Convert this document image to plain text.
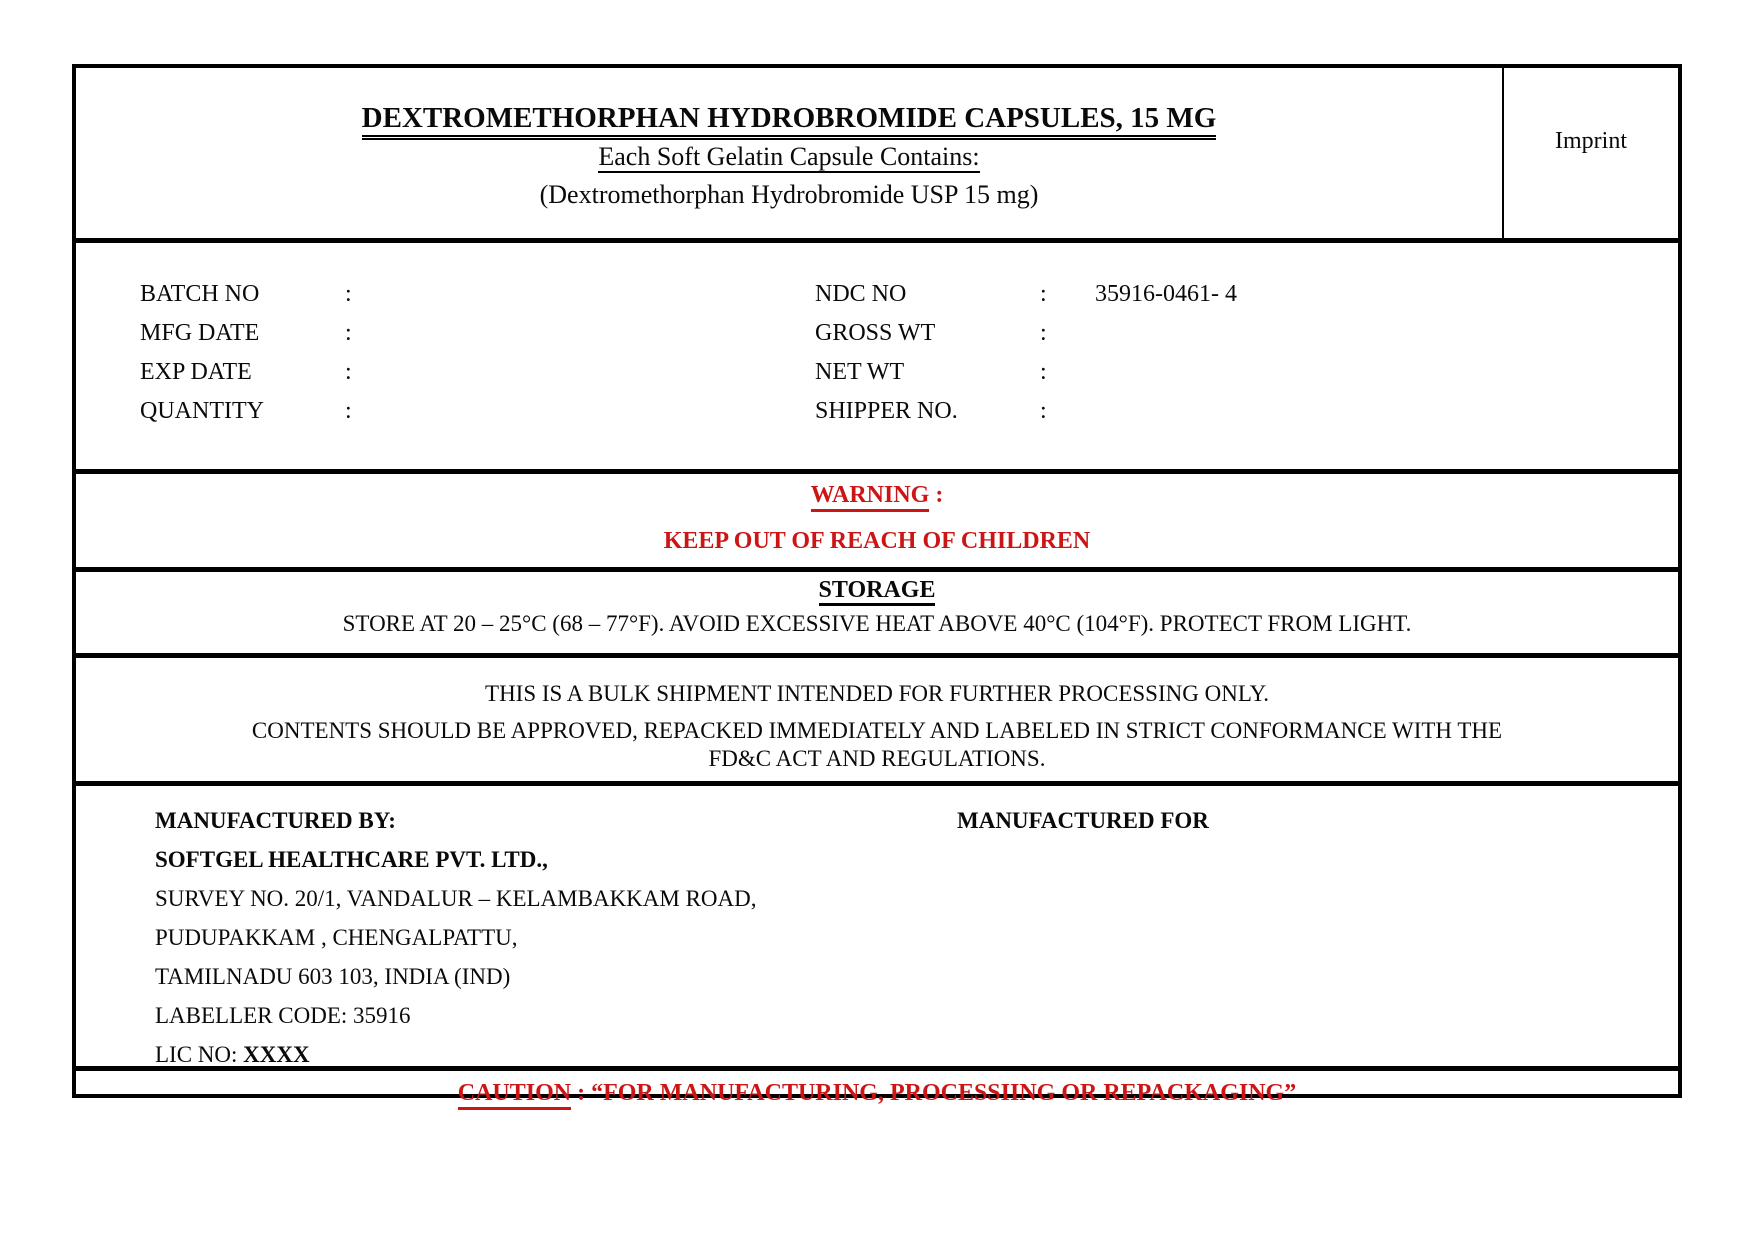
DEXTROMETHORPHAN HYDROBROMIDE CAPSULES, 15 MG
Each Soft Gelatin Capsule Contains:
(Dextromethorphan Hydrobromide USP 15 mg)
Imprint
BATCH NO	:	NDC NO	: 35916-0461- 4
MFG DATE	:	GROSS WT	:
EXP DATE	:	NET WT	:
QUANTITY	:	SHIPPER NO.	:
WARNING :
KEEP OUT OF REACH OF CHILDREN
STORAGE
STORE AT 20 – 25°C (68 – 77°F). AVOID EXCESSIVE HEAT ABOVE 40°C (104°F). PROTECT FROM LIGHT.
THIS IS A BULK SHIPMENT INTENDED FOR FURTHER PROCESSING ONLY.
CONTENTS SHOULD BE APPROVED, REPACKED IMMEDIATELY AND LABELED IN STRICT CONFORMANCE WITH THE
FD&C ACT AND REGULATIONS.
MANUFACTURED BY:
SOFTGEL HEALTHCARE PVT. LTD.,
SURVEY NO. 20/1, VANDALUR – KELAMBAKKAM ROAD,
PUDUPAKKAM , CHENGALPATTU,
TAMILNADU 603 103, INDIA (IND)
LABELLER CODE: 35916
LIC NO: XXXX
MANUFACTURED FOR
CAUTION : “FOR MANUFACTURING, PROCESSIING OR REPACKAGING”
